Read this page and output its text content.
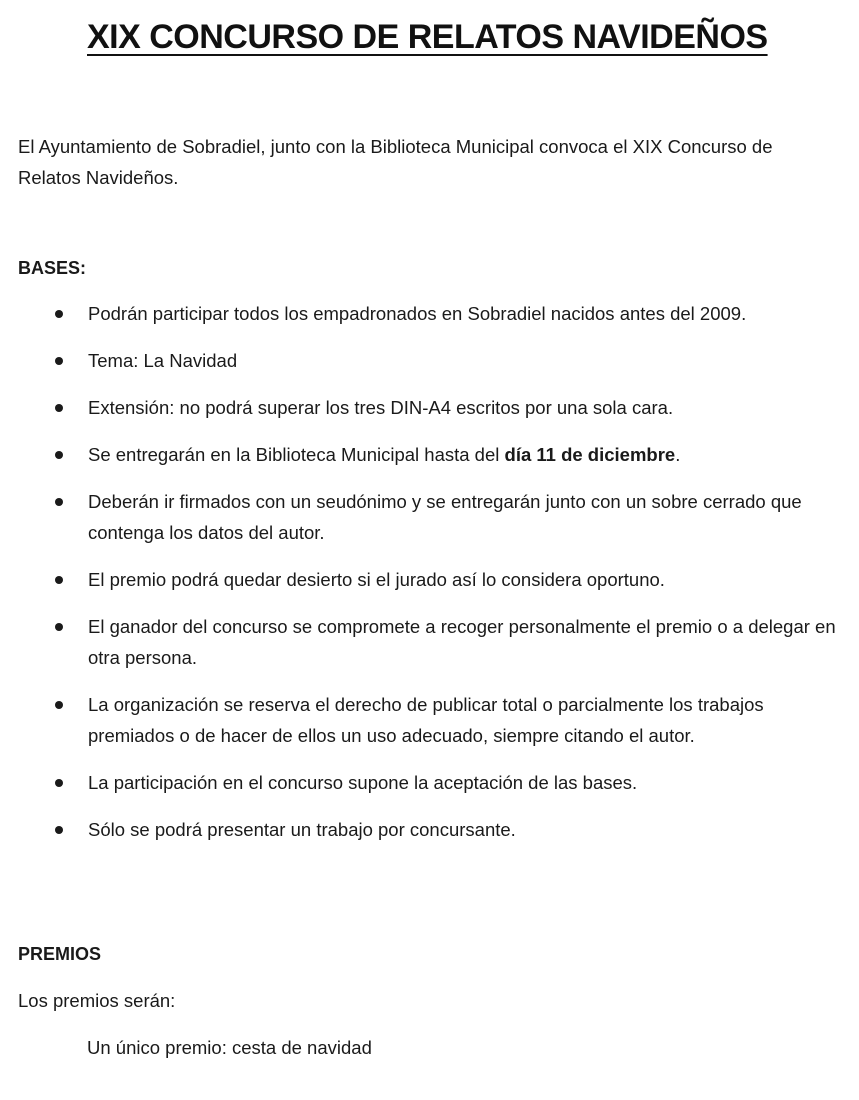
XIX CONCURSO DE RELATOS NAVIDEÑOS

El Ayuntamiento de Sobradiel, junto con la Biblioteca Municipal convoca el XIX Concurso de Relatos Navideños.

BASES:
Podrán participar todos los empadronados en Sobradiel nacidos antes del 2009.
Tema: La Navidad
Extensión: no podrá superar los tres DIN-A4 escritos por una sola cara.
Se entregarán en la Biblioteca Municipal hasta del día 11 de diciembre.
Deberán ir firmados con un seudónimo y se entregarán junto con un sobre cerrado que contenga los datos del autor.
El premio podrá quedar desierto si el jurado así lo considera oportuno.
El ganador del concurso se compromete a recoger personalmente el premio o a delegar en otra persona.
La organización se reserva el derecho de publicar total o parcialmente los trabajos premiados o de hacer de ellos un uso adecuado, siempre citando el autor.
La participación en el concurso supone la aceptación de las bases.
Sólo se podrá presentar un trabajo por concursante.
PREMIOS

Los premios serán:

Un único premio: cesta de navidad
